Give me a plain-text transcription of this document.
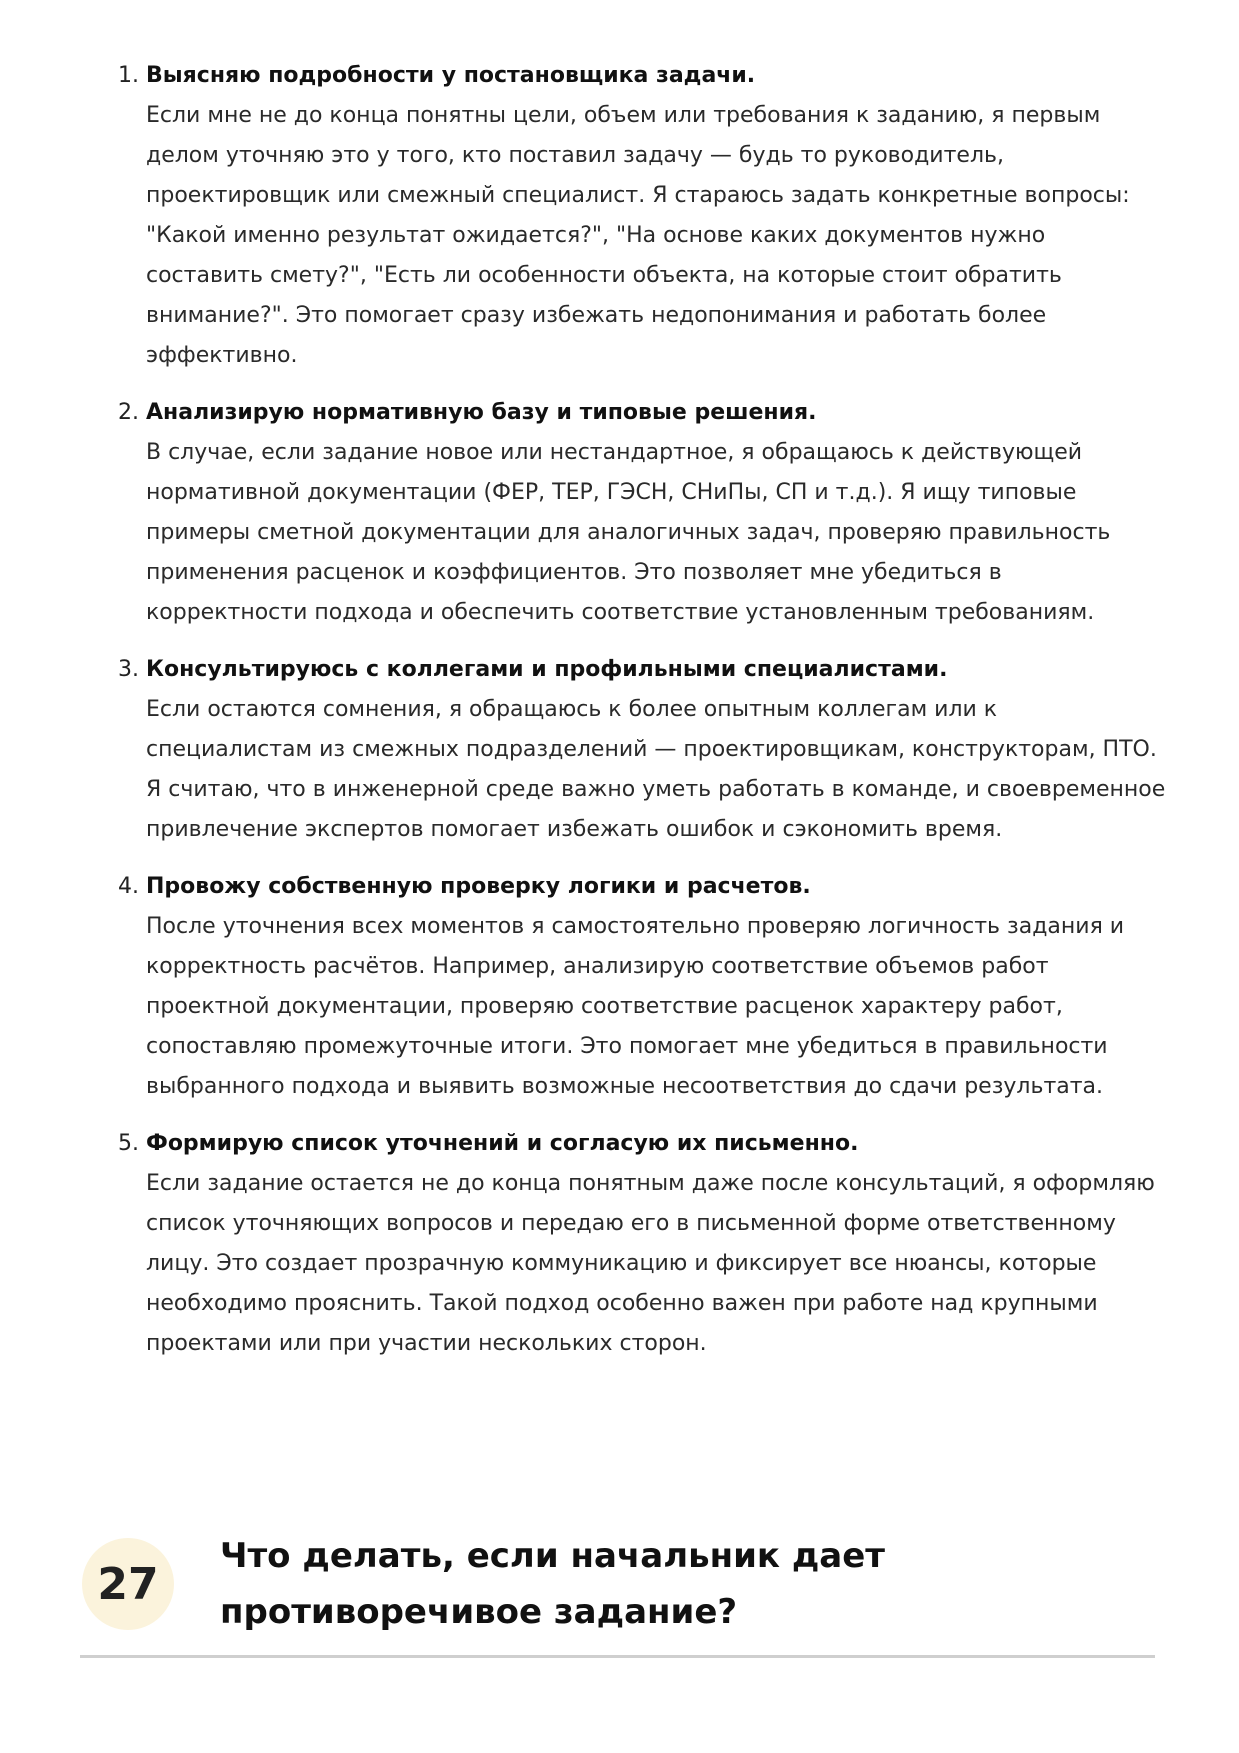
1. Выясняю подробности у постановщика задачи.
Если мне не до конца понятны цели, объем или требования к заданию, я первым делом уточняю это у того, кто поставил задачу — будь то руководитель, проектировщик или смежный специалист. Я стараюсь задать конкретные вопросы: "Какой именно результат ожидается?", "На основе каких документов нужно составить смету?", "Есть ли особенности объекта, на которые стоит обратить внимание?". Это помогает сразу избежать недопонимания и работать более эффективно.
2. Анализирую нормативную базу и типовые решения.
В случае, если задание новое или нестандартное, я обращаюсь к действующей нормативной документации (ФЕР, ТЕР, ГЭСН, СНиПы, СП и т.д.). Я ищу типовые примеры сметной документации для аналогичных задач, проверяю правильность применения расценок и коэффициентов. Это позволяет мне убедиться в корректности подхода и обеспечить соответствие установленным требованиям.
3. Консультируюсь с коллегами и профильными специалистами.
Если остаются сомнения, я обращаюсь к более опытным коллегам или к специалистам из смежных подразделений — проектировщикам, конструкторам, ПТО. Я считаю, что в инженерной среде важно уметь работать в команде, и своевременное привлечение экспертов помогает избежать ошибок и сэкономить время.
4. Провожу собственную проверку логики и расчетов.
После уточнения всех моментов я самостоятельно проверяю логичность задания и корректность расчётов. Например, анализирую соответствие объемов работ проектной документации, проверяю соответствие расценок характеру работ, сопоставляю промежуточные итоги. Это помогает мне убедиться в правильности выбранного подхода и выявить возможные несоответствия до сдачи результата.
5. Формирую список уточнений и согласую их письменно.
Если задание остается не до конца понятным даже после консультаций, я оформляю список уточняющих вопросов и передаю его в письменной форме ответственному лицу. Это создает прозрачную коммуникацию и фиксирует все нюансы, которые необходимо прояснить. Такой подход особенно важен при работе над крупными проектами или при участии нескольких сторон.
27
Что делать, если начальник дает противоречивое задание?
